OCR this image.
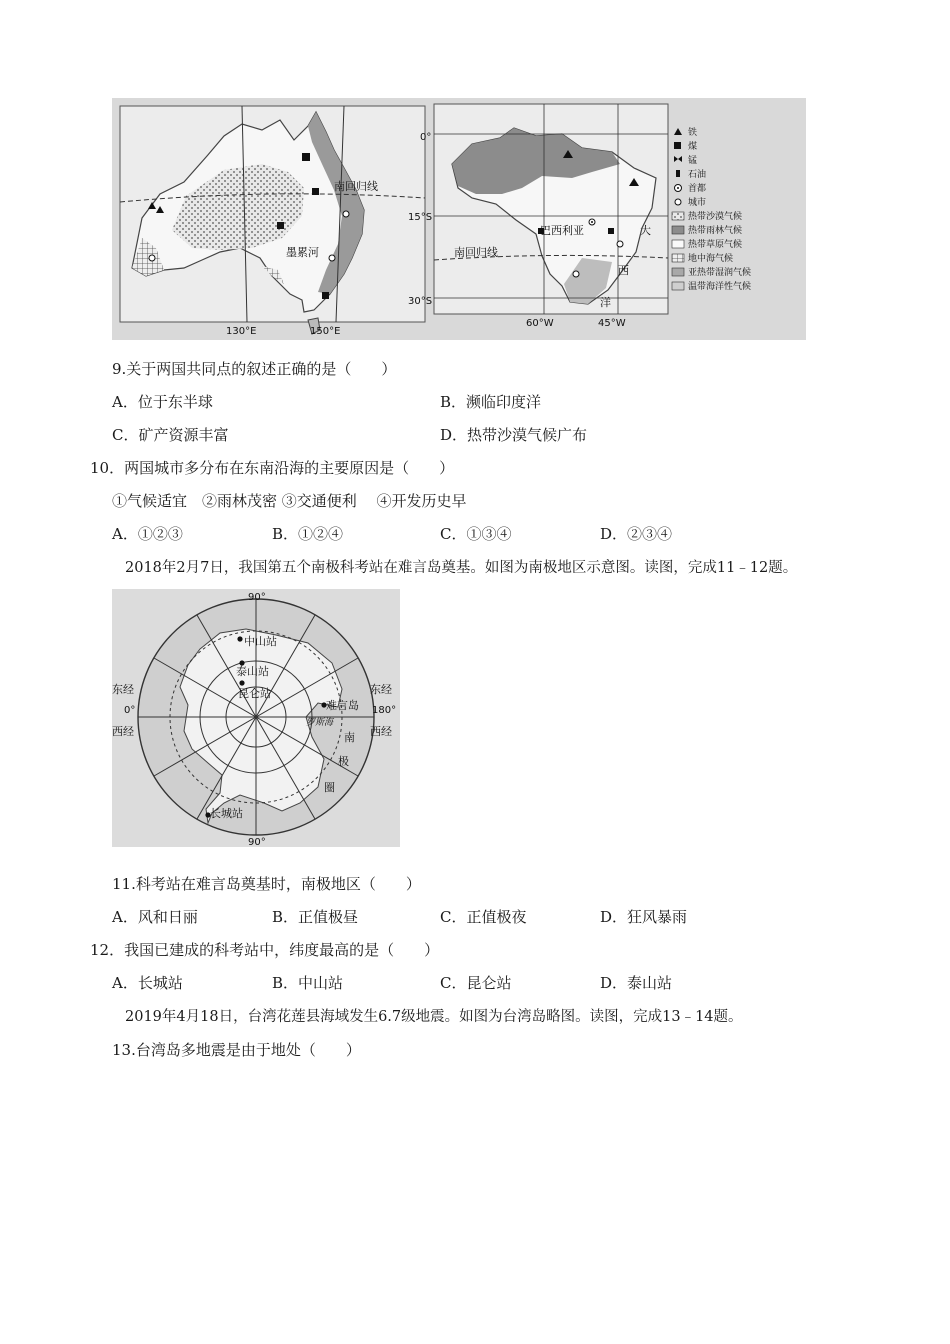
南回归线
墨累河
130°E	150°E
0°
15°S
30°S
60°W	45°W
南回归线
巴西利亚	大
西
洋
铁
煤
锰
石油
首都
城市
热带沙漠气候
热带雨林气候
热带草原气候
地中海气候
亚热带湿润气候
温带海洋性气候
9.关于两国共同点的叙述正确的是（　　）
A．位于东半球	B．濒临印度洋
C．矿产资源丰富	D．热带沙漠气候广布
10．两国城市多分布在东南沿海的主要原因是（　　）
①气候适宜　②雨林茂密 ③交通便利　 ④开发历史早
A．①②③	B．①②④	C．①③④	D．②③④
2018年2月7日，我国第五个南极科考站在难言岛奠基。如图为南极地区示意图。读图，完成11﹣12题。
中山站
泰山站
昆仑站
难言岛
长城站
罗斯海
南
极
圈
90°
90°
东经
0°
西经
东经
180°
西经
11.科考站在难言岛奠基时，南极地区（　　）
A．风和日丽	B．正值极昼	C．正值极夜	D．狂风暴雨
12．我国已建成的科考站中，纬度最高的是（　　）
A．长城站	B．中山站	C．昆仑站	D．泰山站
2019年4月18日，台湾花莲县海域发生6.7级地震。如图为台湾岛略图。读图，完成13﹣14题。
13.台湾岛多地震是由于地处（　　）
